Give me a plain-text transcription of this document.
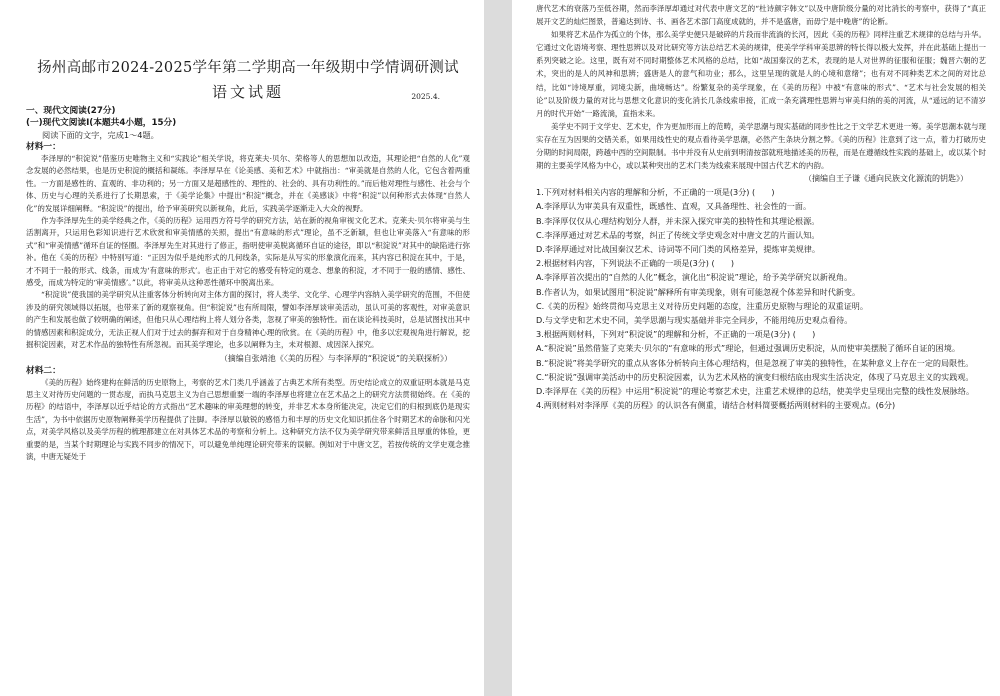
扬州高邮市2024-2025学年第二学期高一年级期中学情调研测试
语文试题	2025.4.
一、现代文阅读(27分)
(一)现代文阅读Ⅰ(本题共4小题，15分)
阅读下面的文字，完成1～4题。
材料一：

李泽厚的“积淀说”借鉴历史唯物主义和“实践论”相关学说，将克莱夫·贝尔、荣格等人的思想加以改造，其理论把“自然的人化”观念发展的必然结果，也是历史积淀的概括和凝练。李泽厚早在《论美感、美和艺术》中就指出：“审美就是自然的人化，它包含着两重性。一方面是感性的、直观的、非功利的；另一方面又是超感性的、理性的、社会的、具有功利性的。”而后他对理性与感性、社会与个体、历史与心理的关系进行了长期思索，于《美学论集》中提出“积淀”概念，并在《美感谈》中将“积淀”以何种形式去体现“自然人化”的发展详细阐释。“积淀说”的提出，给予审美研究以新视角，此后，实践美学逐渐走入大众的视野。

作为李泽厚先生的美学经典之作，《美的历程》运用西方符号学的研究方法，站在新的视角审视文化艺术。克莱夫·贝尔将审美与生活割离开，只运用色彩知识进行艺术欣赏和审美情感的关照，提出“有意味的形式”理论，虽不乏新颖，但也让审美落入“有意味的形式”和“审美情感”循环自证的怪圈。李泽厚先生对其进行了修正，指明使审美脱离循环自证的途径，即以“积淀说”对其中的缺陷进行弥补。他在《美的历程》中特别写道：“正因为似乎是纯形式的几何线条，实际是从写实的形象演化而来，其内容已积淀在其中，于是，才不同于一般的形式、线条，而成为‘有意味的形式’。也正由于对它的感受有特定的观念、想象的积淀，才不同于一般的感情、感性、感受，而成为特定的‘审美情感’。”以此，将审美从这种恶性循环中脱离出来。

“积淀说”使我国的美学研究从注重客体分析转向对主体方面的探讨，将人类学、文化学、心理学内容纳入美学研究的范围，不但使涉及的研究领域得以拓展，也带来了新的观察视角。但“积淀说”也有所局限，譬如李泽厚谈审美活动，虽认可美的客观性，对审美意识的产生和发展也做了较明确的阐述，但他只从心理结构上将人划分各类，忽视了审美的独特性。而在谈论科技美时，总是试图找出其中的情感因素和积淀成分，无法正视人们对于过去的摒弃和对于自身精神心理的欣赏。在《美的历程》中，他多以宏观视角进行解说，挖掘积淀因素，对艺术作品的独特性有所忽视。而其美学理论，也多以阐释为主，未对根源、成因深入探究。

（摘编自张靖池《〈美的历程〉与李泽厚的“积淀说”的关联探析》）
材料二：

《美的历程》始终建构在鲜活的历史原物上，考察的艺术门类几乎涵盖了古典艺术所有类型。历史结论成立的双重证明本就是马克思主义对待历史问题的一贯态度，而执马克思主义为自己思想重要一端的李泽厚也将建立在艺术品之上的研究方法贯彻始终。在《美的历程》的结语中，李泽厚以近乎结论的方式指出“艺术趣味的审美理想的转变，并非艺术本身所能决定，决定它们的归根到底仍是现实生活”，为书中依据历史原物阐释美学历程提供了注脚。李泽厚以敏锐的感悟力和丰厚的历史文化知识抓住各个时期艺术的命脉和闪光点，对美学风格以及美学历程的梳理都建立在对具体艺术品的考察和分析上。这种研究方法不仅为美学研究带来鲜活且厚重的体验，更重要的是，当某个时期理论与实践不同步的情况下，可以避免单纯理论研究带来的误解。例如对于中唐文艺，若按传统的文学史观念推演，中唐无疑处于

唐代艺术的衰落乃至低谷期，然而李泽厚却通过对代表中唐文艺的“杜诗颜字韩文”以及中唐阶级分量的对比消长的考察中，获得了“真正展开文艺的灿烂图景，普遍达到诗、书、画各艺术部门高度成就的，并不是盛唐，而毋宁是中晚唐”的论断。

如果将艺术品作为孤立的个体，那么美学史便只是破碎的片段而非流淌的长河，因此《美的历程》同样注重艺术规律的总结与升华。它通过文化语境考察、理性思辨以及对比研究等方法总结艺术美的规律，使美学学科审美思辨的特长得以极大发挥，并在此基础上提出一系列突破之论。这里，既有对不同时期整体艺术风格的总结，比如“战国秦汉的艺术，表现的是人对世界的征服和征服；魏晋六朝的艺术，突出的是人的风神和思辨；盛唐是人的意气和功业；那么，这里呈现的就是人的心境和意绪”；也有对不同种类艺术之间的对比总结，比如“诗境厚重，词境尖新，曲境畅达”。纷繁复杂的美学现象，在《美的历程》中被“有意味的形式”、“艺术与社会发展的相关论”以及阶级力量的对比与思想文化意识的变化消长几条线索串接，汇成一条充满理性思辨与审美归纳的美的河流，从“遥远的记不清岁月的时代开始”一路流淌，直指未来。

美学史不同于文学史、艺术史，作为更加形而上的范畴，美学思潮与现实基础的同步性比之于文学艺术更进一筹。美学思潮本就与现实存在互为因果的交错关系，如果用线性史的观点看待美学思潮，必然产生条块分割之弊。《美的历程》注意到了这一点，着力打破历史分期的时间局限，跨越中西的空间限制。书中并没有从史前到明清按部就班地描述美的历程，而是在遵循线性实践的基础上，或以某个时期的主要美学风格为中心，或以某种突出的艺术门类为线索来展现中国古代艺术的内韵。

（摘编自王子谦《通向民族文化源流的钥匙》）

1.下列对材料相关内容的理解和分析，不正确的一项是(3分) (　　)

A.李泽厚认为审美具有双重性，既感性、直观，又具备理性、社会性的一面。

B.李泽厚仅仅从心理结构划分人群，并未深入探究审美的独特性和其理论根源。

C.李泽厚通过对艺术品的考察，纠正了传统文学史观念对中唐文艺的片面认知。

D.李泽厚通过对比战国秦汉艺术、诗词等不同门类的风格差异，提炼审美规律。

2.根据材料内容，下列说法不正确的一项是(3分) (　　)

A.李泽厚首次提出的“自然的人化”概念，演化出“积淀说”理论，给予美学研究以新视角。

B.作者认为，如果试图用“积淀说”解释所有审美现象，则有可能忽视个体差异和时代新变。

C.《美的历程》始终贯彻马克思主义对待历史问题的态度，注重历史原物与理论的双重证明。

D.与文学史和艺术史不同，美学思潮与现实基础并非完全同步，不能用纯历史观点看待。

3.根据两则材料，下列对“积淀说”的理解和分析，不正确的一项是(3分) (　　)

A.“积淀说”虽然借鉴了克莱夫·贝尔的“有意味的形式”理论，但通过强调历史积淀，从而使审美摆脱了循环自证的困境。

B.“积淀说”将美学研究的重点从客体分析转向主体心理结构，但是忽视了审美的独特性，在某种意义上存在一定的局限性。

C.“积淀说”强调审美活动中的历史积淀因素，认为艺术风格的演变归根结底由现实生活决定，体现了马克思主义的实践观。

D.李泽厚在《美的历程》中运用“积淀说”的理论考察艺术史，注重艺术规律的总结，使美学史呈现出完整的线性发展脉络。

4.两则材料对李泽厚《美的历程》的认识各有侧重，请结合材料简要概括两则材料的主要观点。(6分)
